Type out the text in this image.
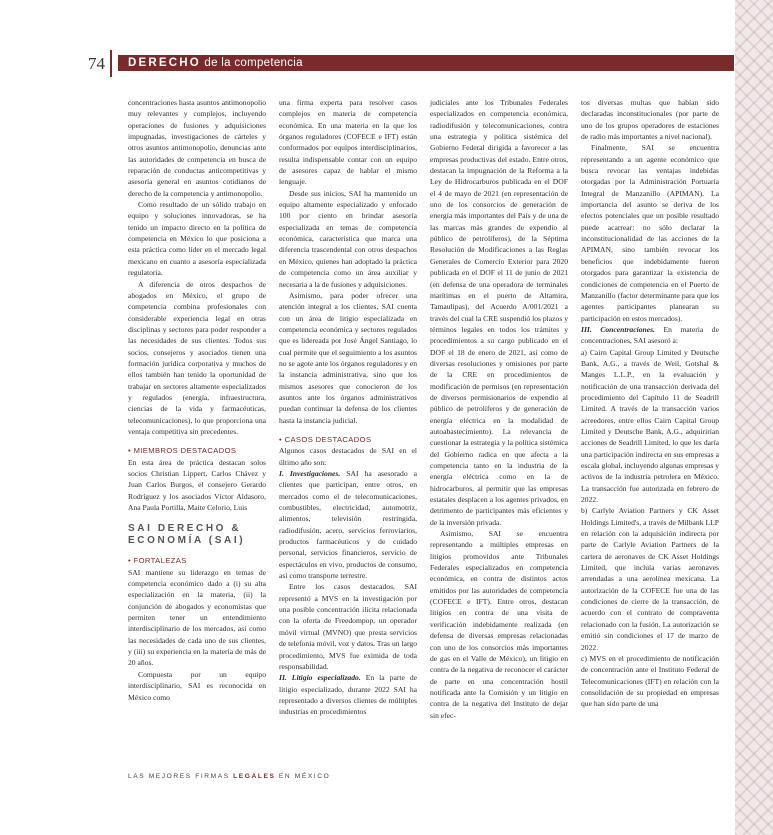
74	DERECHO de la competencia

concentraciones hasta asuntos antimonopolio muy relevantes y complejos, incluyendo operaciones de fusiones y adquisiciones impugnadas, investigaciones de cárteles y otros asuntos antimonopolio, denuncias ante las autoridades de competencia en busca de reparación de conductas anticompetitivas y asesoría general en asuntos cotidianos de derecho de la competencia y antimonopolio.

Como resultado de un sólido trabajo en equipo y soluciones innovadoras, se ha tenido un impacto directo en la política de competencia en México lo que posiciona a esta práctica como líder en el mercado legal mexicano en cuanto a asesoría especializada regulatoria.

A diferencia de otros despachos de abogados en México, el grupo de competencia combina profesionales con considerable experiencia legal en otras disciplinas y sectores para poder responder a las necesidades de sus clientes. Todos sus socios, consejeros y asociados tienen una formación jurídica corporativa y muchos de ellos también han tenido la oportunidad de trabajar en sectores altamente especializados y regulados (energía, infraestructura, ciencias de la vida y farmacéuticas, telecomunicaciones), lo que proporciona una ventaja competitiva sin precedentes.

• MIEMBROS DESTACADOS

En esta área de práctica destacan solos socios Christian Lippert, Carlos Chávez y Juan Carlos Burgos, el consejero Gerardo Rodríguez y los asociados Víctor Aldasoro, Ana Paula Portilla, Maite Celorio, Luis

SAI DERECHO &
ECONOMÍA (SAI)

• FORTALEZAS

SAI mantiene su liderazgo en temas de competencia económico dado a (i) su alta especialización en la materia, (ii) la conjunción de abogados y economistas que permiten tener un entendimiento interdisciplinario de los mercados, así como las necesidades de cada uno de sus clientes, y (iii) su experiencia en la materia de más de 20 años.

Compuesta por un equipo interdisciplinario, SAI es reconocida en México como

una firma experta para resolver casos complejos en materia de competencia económica. En una materia en la que los órganos reguladores (COFECE e IFT) están conformados por equipos interdisciplinarios, resulta indispensable contar con un equipo de asesores capaz de hablar el mismo lenguaje.

Desde sus inicios, SAI ha mantenido un equipo altamente especializado y enfocado 100 por ciento en brindar asesoría especializada en temas de competencia económica, característica que marca una diferencia trascendental con otros despachos en México, quienes han adoptado la práctica de competencia como un área auxiliar y necesaria a la de fusiones y adquisiciones.

Asimismo, para poder ofrecer una atención integral a los clientes, SAI cuenta con un área de litigio especializada en competencia económica y sectores regulados que es lidereada por José Ángel Santiago, lo cual permite que el seguimiento a los asuntos no se agote ante los órganos reguladores y en la instancia administrativa, sino que los mismos asesores que conocieron de los asuntos ante los órganos administrativos puedan continuar la defensa de los clientes hasta la instancia judicial.

• CASOS DESTACADOS

Algunos casos destacados de SAI en el último año son:

I. Investigaciones. SAI ha asesorado a clientes que participan, entre otros, en mercados como el de telecomunicaciones, combustibles, electricidad, automotriz, alimentos, televisión restringida, radiodifusión, acero, servicios ferroviarios, productos farmacéuticos y de cuidado personal, servicios financieros, servicio de espectáculos en vivo, productos de consumo, así como transporte terrestre.

Entre los casos destacados, SAI representó a MVS en la investigación por una posible concentración ilícita relacionada con la oferta de Freedompop, un operador móvil virtual (MVNO) que presta servicios de telefonía móvil, voz y datos. Tras un largo procedimiento, MVS fue eximida de toda responsabilidad.

II. Litigio especializado. En la parte de litigio especializado, durante 2022 SAI ha representado a diversos clientes de múltiples industrias en procedimientos

judiciales ante los Tribunales Federales especializados en competencia económica, radiodifusión y telecomunicaciones, contra una estrategia y política sistémica del Gobierno Federal dirigida a favorecer a las empresas productivas del estado. Entre otros, destacan la impugnación de la Reforma a la Ley de Hidrocarburos publicada en el DOF el 4 de mayo de 2021 (en representación de uno de los consorcios de generación de energía más importantes del País y de una de las marcas más grandes de expendio al público de petrolíferos), de la Séptima Resolución de Modificaciones a las Reglas Generales de Comercio Exterior para 2020 publicada en el DOF el 11 de junio de 2021 (en defensa de una operadora de terminales marítimas en el puerto de Altamira, Tamaulipas), del Acuerdo A/001/2021 a través del cual la CRE suspendió los plazos y términos legales en todos los trámites y procedimientos a su cargo publicado en el DOF el 18 de enero de 2021, así como de diversas resoluciones y omisiones por parte de la CRE en procedimientos de modificación de permisos (en representación de diversos permisionarios de expendio al público de petrolíferos y de generación de energía eléctrica en la modalidad de autoabastecimiento). La relevancia de cuestionar la estrategia y la política sistémica del Gobierno radica en que afecta a la competencia tanto en la industria de la energía eléctrica como en la de hidrocarburos, al permitir que las empresas estatales desplacen a los agentes privados, en detrimento de participantes más eficientes y de la inversión privada.

Asimismo, SAI se encuentra representando a múltiples empresas en litigios promovidos ante Tribunales Federales especializados en competencia económica, en contra de distintos actos emitidos por las autoridades de competencia (COFECE e IFT). Entre otros, destacan litigios en contra de una visita de verificación indebidamente realizada (en defensa de diversas empresas relacionadas con uno de los consorcios más importantes de gas en el Valle de México), un litigio en contra de la negativa de reconocer el carácter de parte en una concentración hostil notificada ante la Comisión y un litigio en contra de la negativa del Instituto de dejar sin efec-

tos diversas multas que habían sido declaradas inconstitucionales (por parte de uno de los grupos operadores de estaciones de radio más importantes a nivel nacional).

Finalmente, SAI se encuentra representando a un agente económico que busca revocar las ventajas indebidas otorgadas por la Administración Portuaria Integral de Manzanillo (APIMAN). La importancia del asunto se deriva de los efectos potenciales que un posible resultado puede acarrear: no sólo declarar la inconstitucionalidad de las acciones de la APIMAN, sino también revocar los beneficios que indebidamente fueron otorgados para garantizar la existencia de condiciones de competencia en el Puerto de Manzanillo (factor determinante para que los agentes participantes planearan su participación en estos mercados).

III. Concentraciones. En materia de concentraciones, SAI asesoró a:

a) Cairn Capital Group Limited y Deutsche Bank, A.G., a través de Weil, Gotshal & Manges L.L.P., en la evaluación y notificación de una transacción derivada del procedimiento del Capítulo 11 de Seadrill Limited. A través de la transacción varios acreedores, entre ellos Cairn Capital Group Limited y Deutsche Bank, A.G., adquirirían acciones de Seadrill Limited, lo que les daría una participación indirecta en sus empresas a escala global, incluyendo algunas empresas y activos de la industria petrolera en México. La transacción fue autorizada en febrero de 2022.

b) Carlyle Aviation Partners y CK Asset Holdings Limited's, a través de Milbank LLP en relación con la adquisición indirecta por parte de Carlyle Aviation Partners de la cartera de aeronaves de CK Asset Holdings Limited, que incluía varias aeronaves arrendadas a una aerolínea mexicana. La autorización de la COFECE fue una de las condiciones de cierre de la transacción, de acuerdo con el contrato de compraventa relacionado con la fusión. La autorización se emitió sin condiciones el 17 de marzo de 2022.

c) MVS en el procedimiento de notificación de concentración ante el Instituto Federal de Telecomunicaciones (IFT) en relación con la consolidación de su propiedad en empresas que han sido parte de una

LAS MEJORES FIRMAS LEGALES EN MÉXICO
